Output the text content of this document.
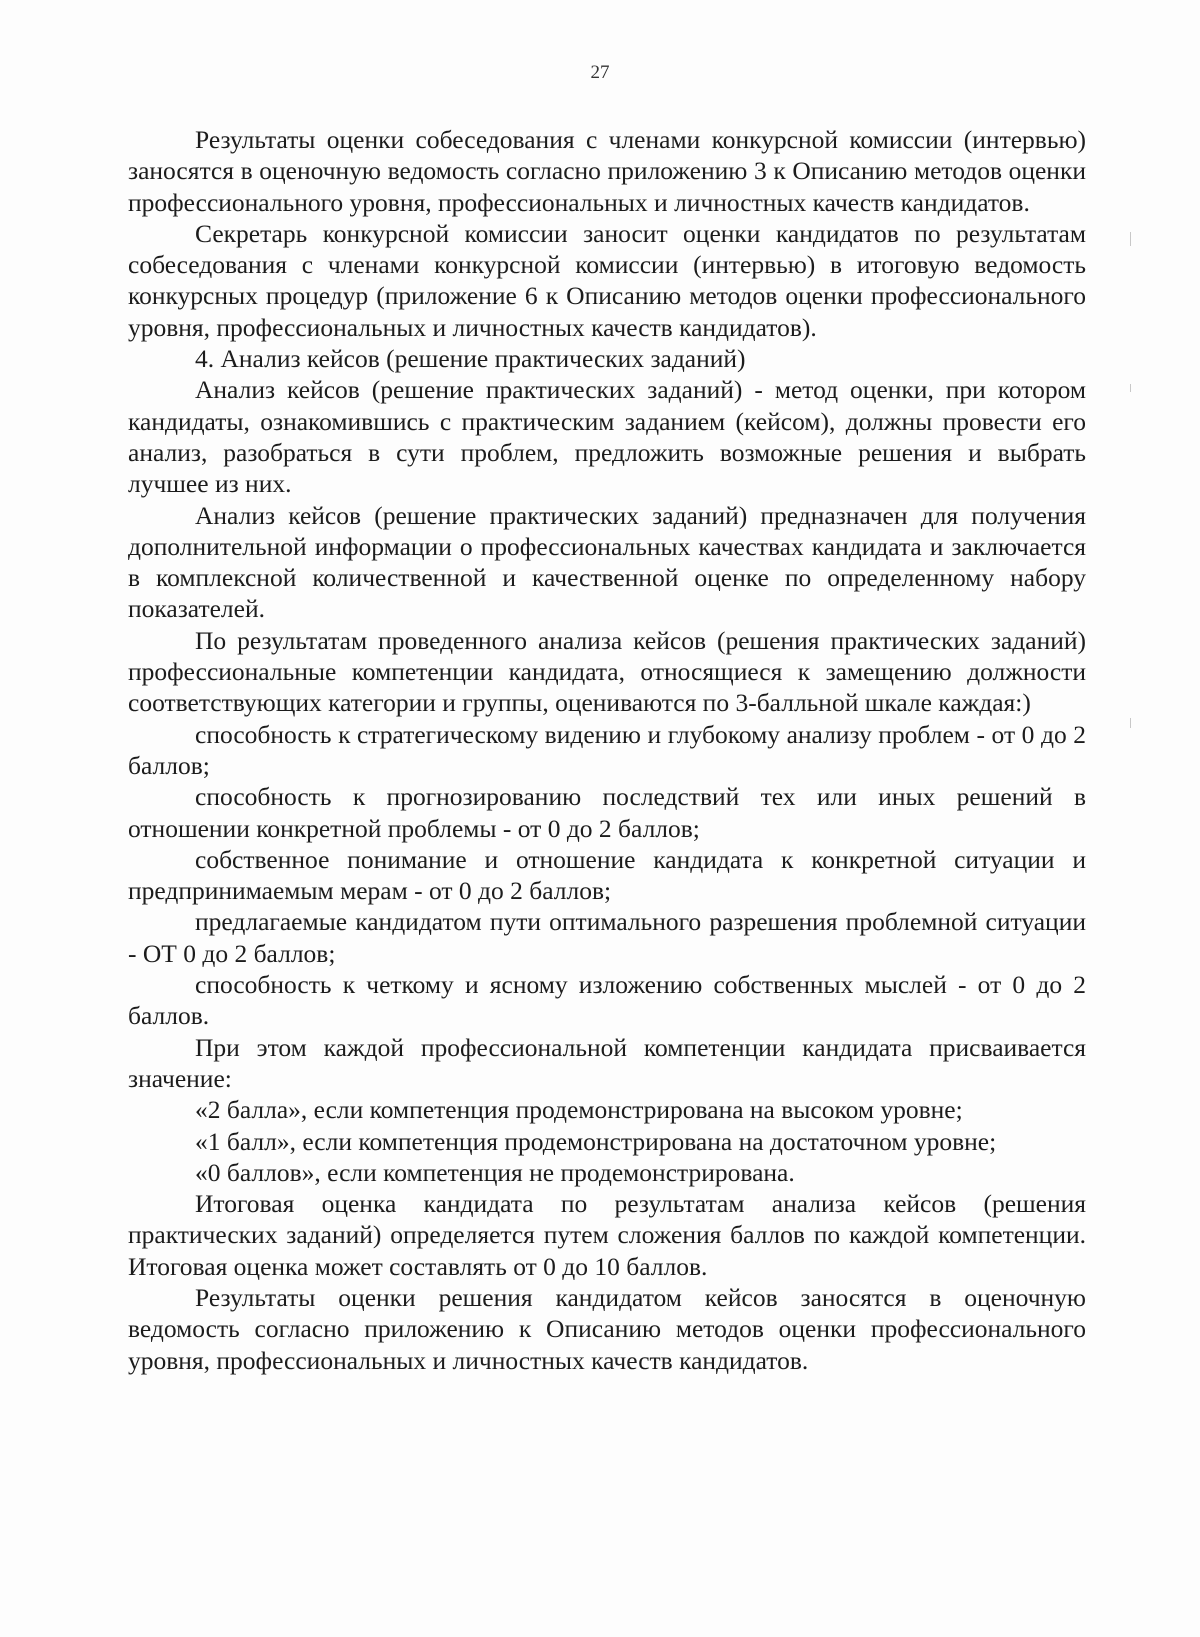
27

Результаты оценки собеседования с членами конкурсной комиссии (интервью) заносятся в оценочную ведомость согласно приложению 3 к Описанию методов оценки профессионального уровня, профессиональных и личностных качеств кандидатов.

Секретарь конкурсной комиссии заносит оценки кандидатов по результатам собеседования с членами конкурсной комиссии (интервью) в итоговую ведомость конкурсных процедур (приложение 6 к Описанию методов оценки профессионального уровня, профессиональных и личностных качеств кандидатов).

4. Анализ кейсов (решение практических заданий)

Анализ кейсов (решение практических заданий) - метод оценки, при котором кандидаты, ознакомившись с практическим заданием (кейсом), должны провести его анализ, разобраться в сути проблем, предложить возможные решения и выбрать лучшее из них.

Анализ кейсов (решение практических заданий) предназначен для получения дополнительной информации о профессиональных качествах кандидата и заключается в комплексной количественной и качественной оценке по определенному набору показателей.

По результатам проведенного анализа кейсов (решения практических заданий) профессиональные компетенции кандидата, относящиеся к замещению должности соответствующих категории и группы, оцениваются по 3-балльной шкале каждая:)

способность к стратегическому видению и глубокому анализу проблем - от 0 до 2 баллов;

способность к прогнозированию последствий тех или иных решений в отношении конкретной проблемы - от 0 до 2 баллов;

собственное понимание и отношение кандидата к конкретной ситуации и предпринимаемым мерам - от 0 до 2 баллов;

предлагаемые кандидатом пути оптимального разрешения проблемной ситуации - ОТ 0 до 2 баллов;

способность к четкому и ясному изложению собственных мыслей - от 0 до 2 баллов.

При этом каждой профессиональной компетенции кандидата присваивается значение:

«2 балла», если компетенция продемонстрирована на высоком уровне;

«1 балл», если компетенция продемонстрирована на достаточном уровне;

«0 баллов», если компетенция не продемонстрирована.

Итоговая оценка кандидата по результатам анализа кейсов (решения практических заданий) определяется путем сложения баллов по каждой компетенции. Итоговая оценка может составлять от 0 до 10 баллов.

Результаты оценки решения кандидатом кейсов заносятся в оценочную ведомость согласно приложению к Описанию методов оценки профессионального уровня, профессиональных и личностных качеств кандидатов.
